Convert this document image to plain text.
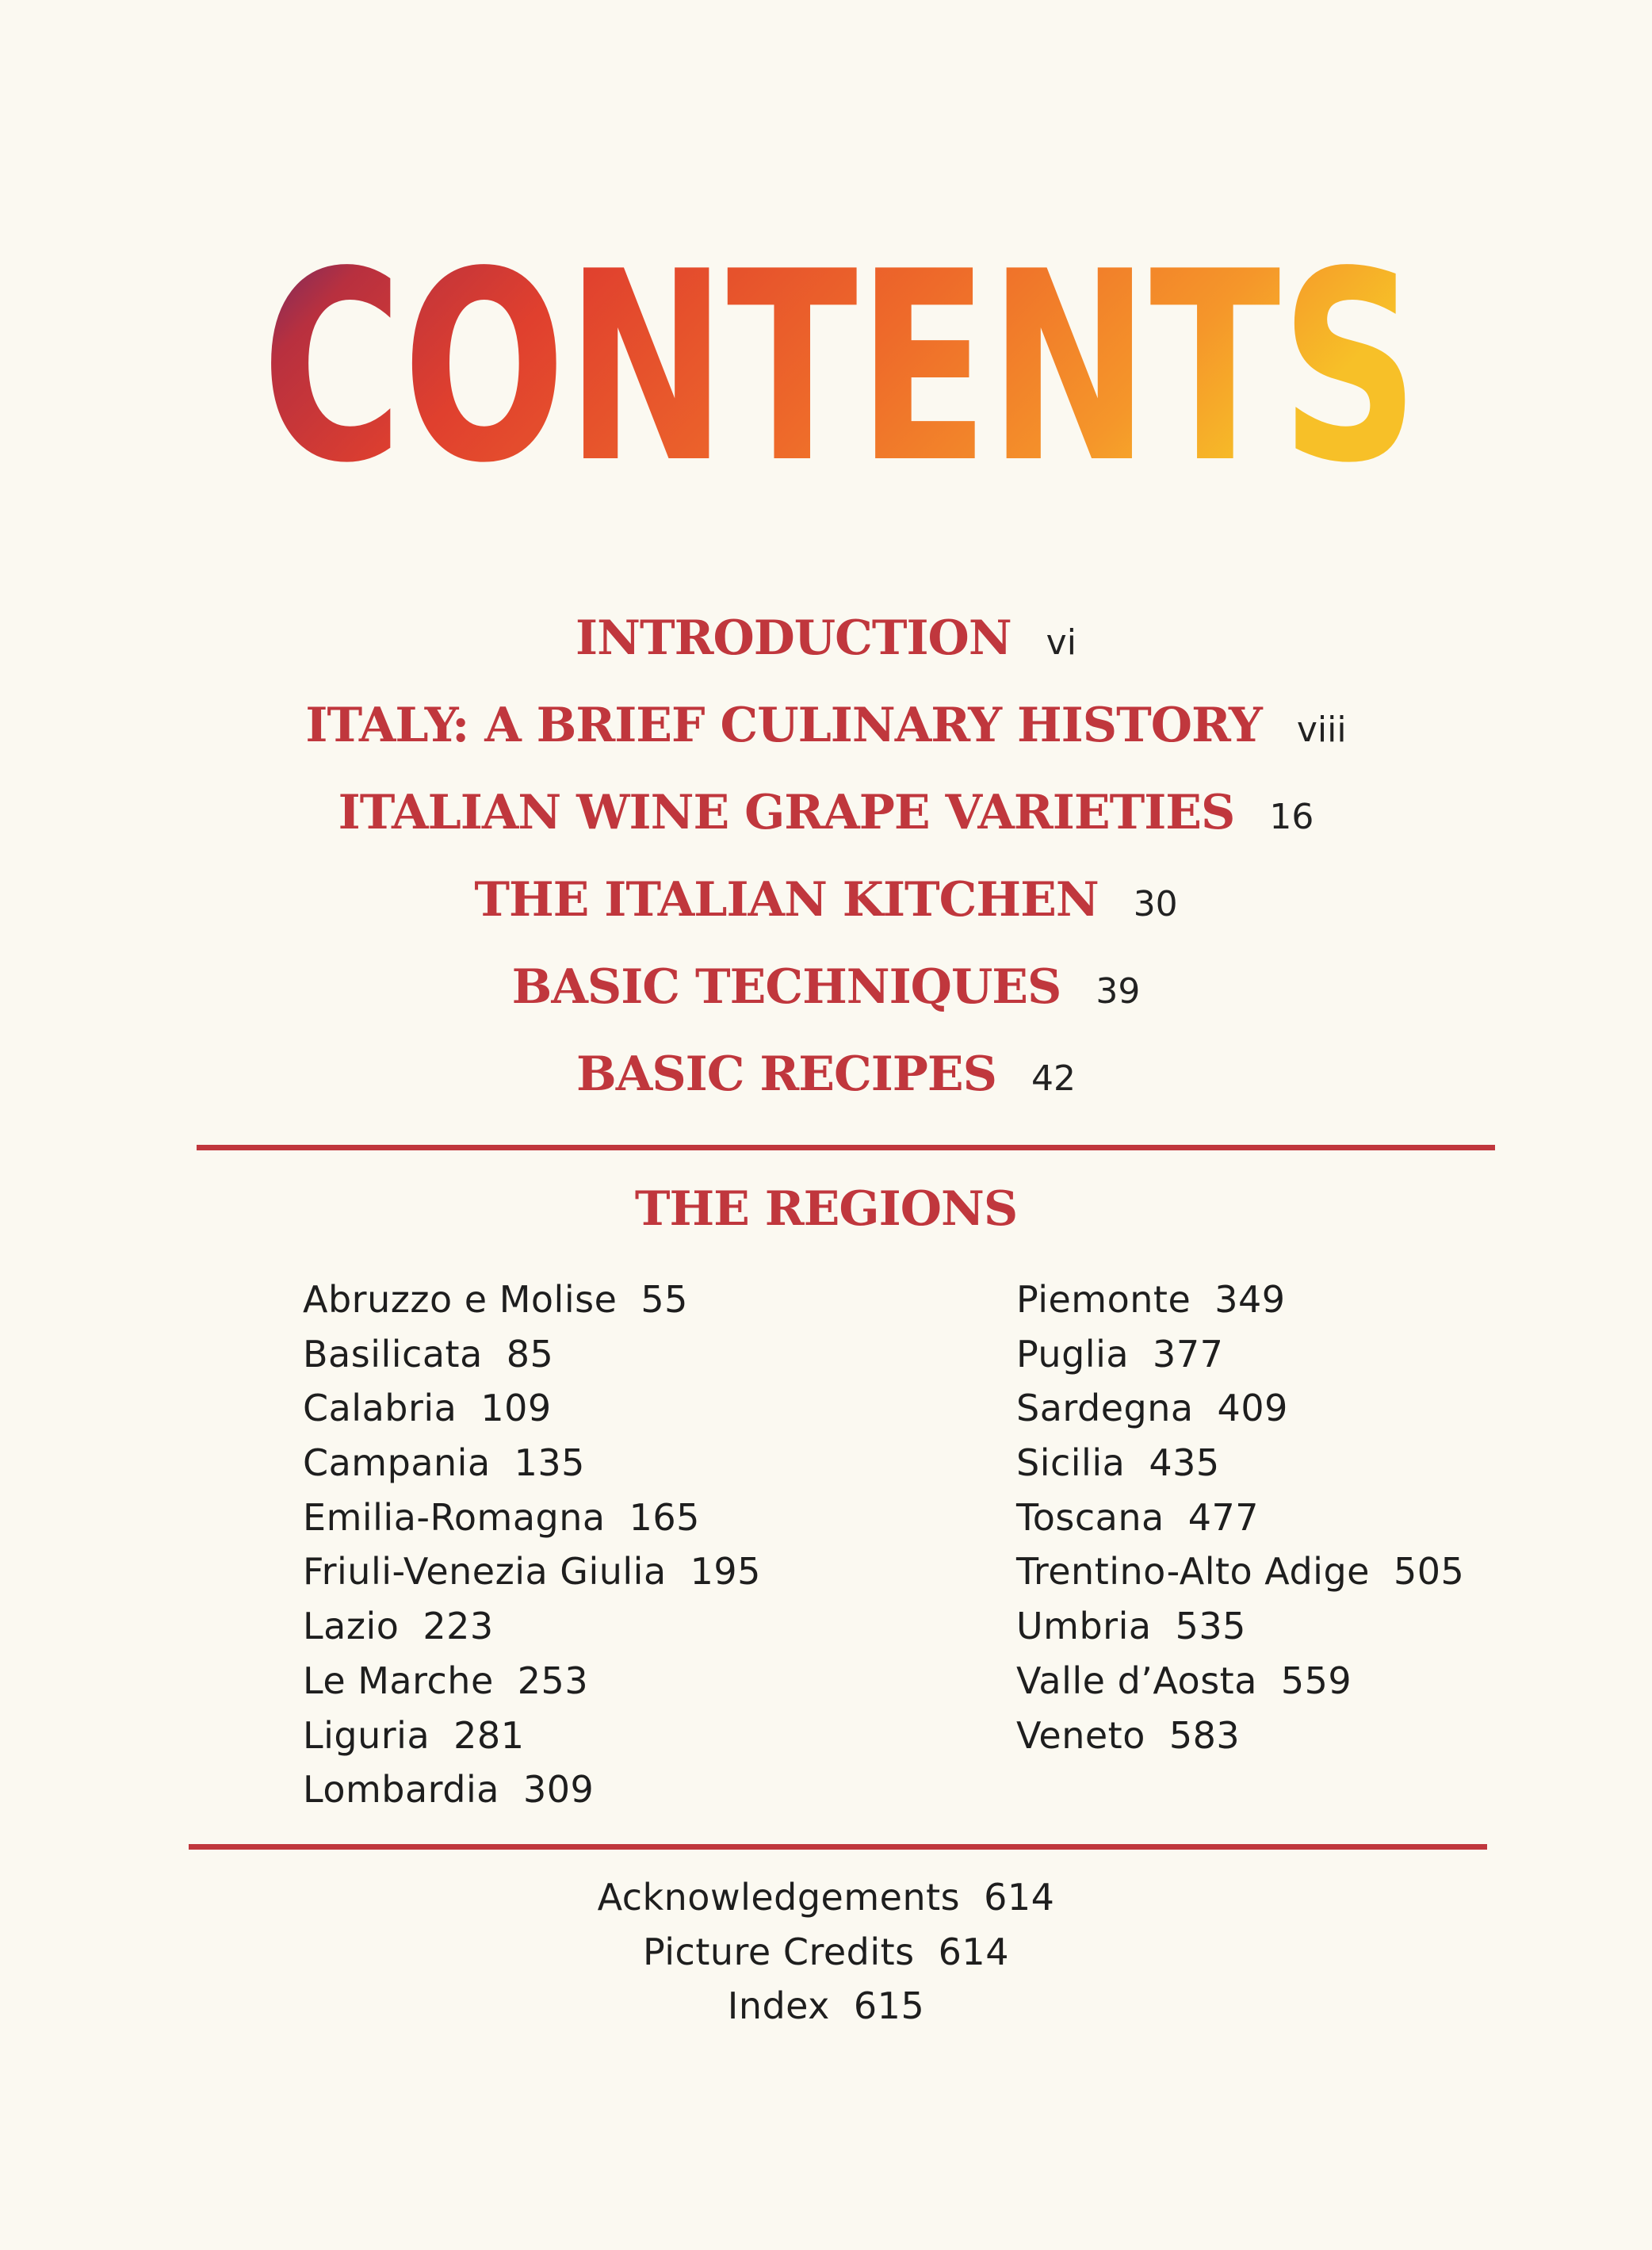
CONTENTS
INTRODUCTION vi
ITALY: A BRIEF CULINARY HISTORY viii
ITALIAN WINE GRAPE VARIETIES 16
THE ITALIAN KITCHEN 30
BASIC TECHNIQUES 39
BASIC RECIPES 42
THE REGIONS
Abruzzo e Molise 55
Basilicata 85
Calabria 109
Campania 135
Emilia-Romagna 165
Friuli-Venezia Giulia 195
Lazio 223
Le Marche 253
Liguria 281
Lombardia 309
Piemonte 349
Puglia 377
Sardegna 409
Sicilia 435
Toscana 477
Trentino-Alto Adige 505
Umbria 535
Valle d’Aosta 559
Veneto 583
Acknowledgements 614
Picture Credits 614
Index 615
